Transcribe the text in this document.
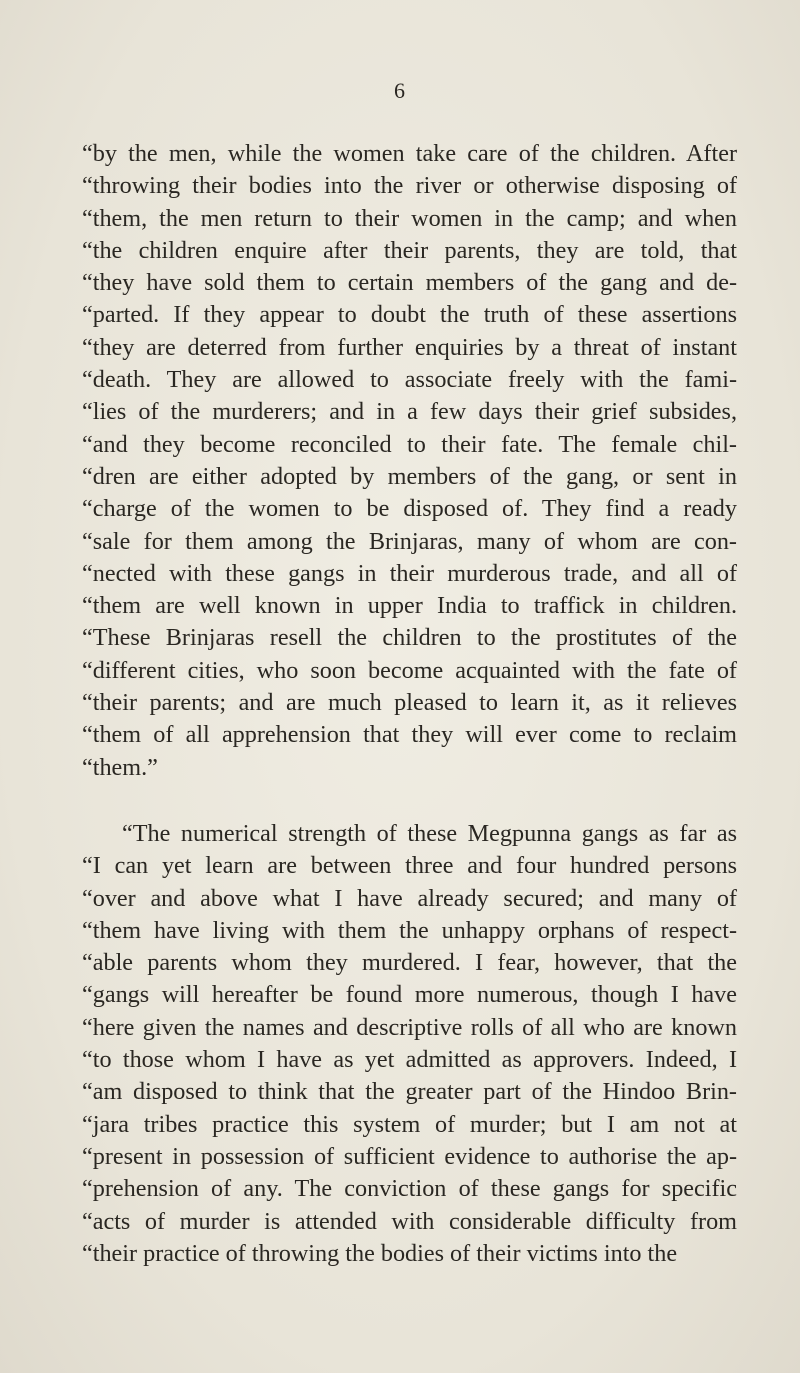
6
“by the men, while the women take care of the children. After
“throwing their bodies into the river or otherwise disposing of
“them, the men return to their women in the camp; and when
“the children enquire after their parents, they are told, that
“they have sold them to certain members of the gang and de-
“parted. If they appear to doubt the truth of these assertions
“they are deterred from further enquiries by a threat of instant
“death. They are allowed to associate freely with the fami-
“lies of the murderers; and in a few days their grief subsides,
“and they become reconciled to their fate. The female chil-
“dren are either adopted by members of the gang, or sent in
“charge of the women to be disposed of. They find a ready
“sale for them among the Brinjaras, many of whom are con-
“nected with these gangs in their murderous trade, and all of
“them are well known in upper India to traffick in children.
“These Brinjaras resell the children to the prostitutes of the
“different cities, who soon become acquainted with the fate of
“their parents; and are much pleased to learn it, as it relieves
“them of all apprehension that they will ever come to reclaim
“them.”
“The numerical strength of these Megpunna gangs as far as
“I can yet learn are between three and four hundred persons
“over and above what I have already secured; and many of
“them have living with them the unhappy orphans of respect-
“able parents whom they murdered. I fear, however, that the
“gangs will hereafter be found more numerous, though I have
“here given the names and descriptive rolls of all who are known
“to those whom I have as yet admitted as approvers. Indeed, I
“am disposed to think that the greater part of the Hindoo Brin-
“jara tribes practice this system of murder; but I am not at
“present in possession of sufficient evidence to authorise the ap-
“prehension of any. The conviction of these gangs for specific
“acts of murder is attended with considerable difficulty from
“their practice of throwing the bodies of their victims into the
